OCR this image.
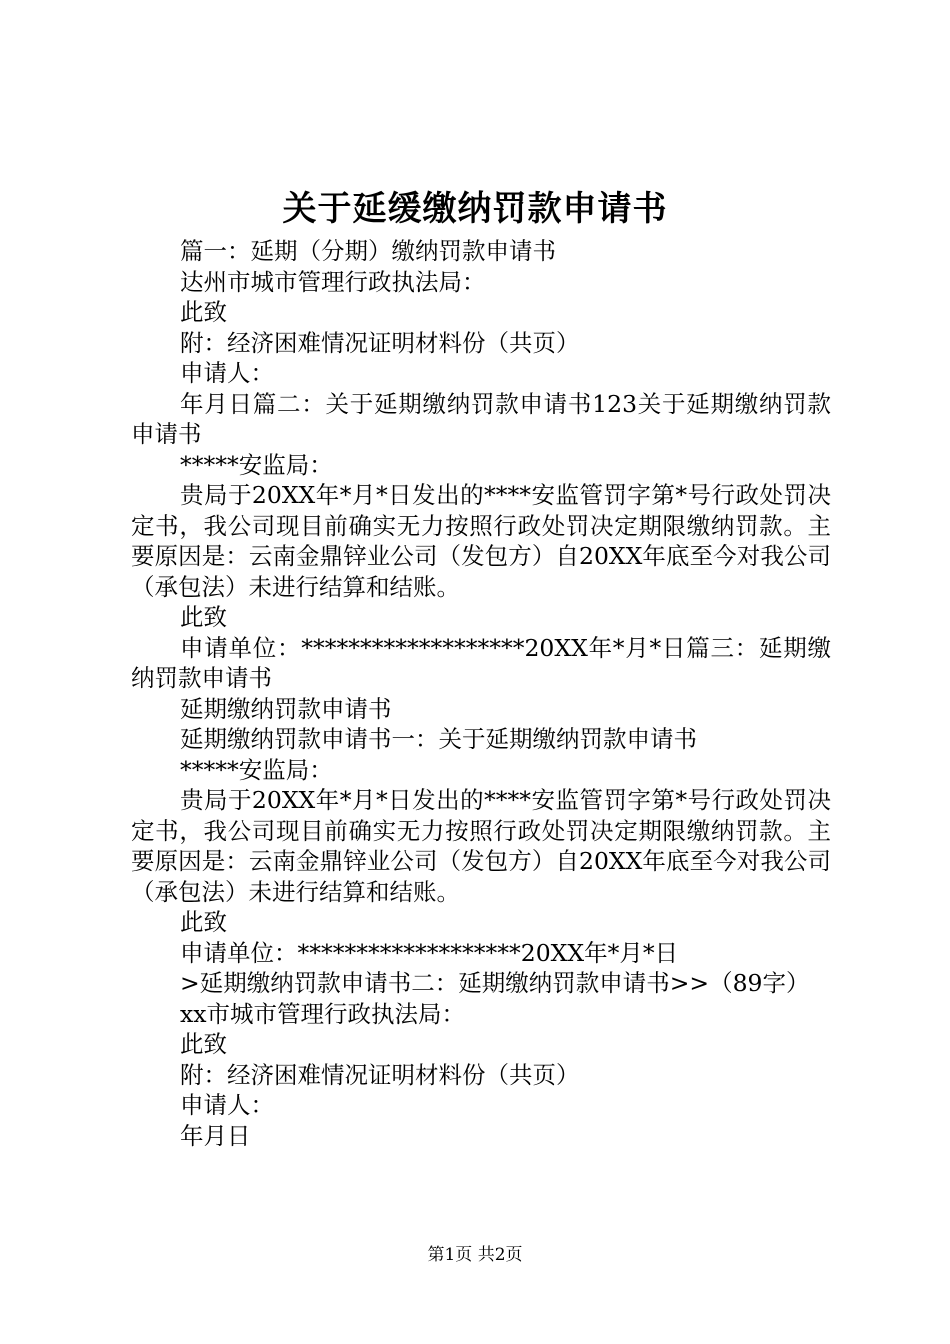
关于延缓缴纳罚款申请书

篇一：延期（分期）缴纳罚款申请书

达州市城市管理行政执法局：

此致

附：经济困难情况证明材料份（共页）

申请人：

年月日篇二：关于延期缴纳罚款申请书123关于延期缴纳罚款申请书

*****安监局：

贵局于20XX年*月*日发出的****安监管罚字第*号行政处罚决定书，我公司现目前确实无力按照行政处罚决定期限缴纳罚款。主要原因是：云南金鼎锌业公司（发包方）自20XX年底至今对我公司（承包法）未进行结算和结账。

此致

申请单位：*******************20XX年*月*日篇三：延期缴纳罚款申请书

延期缴纳罚款申请书

延期缴纳罚款申请书一：关于延期缴纳罚款申请书

*****安监局：

贵局于20XX年*月*日发出的****安监管罚字第*号行政处罚决定书，我公司现目前确实无力按照行政处罚决定期限缴纳罚款。主要原因是：云南金鼎锌业公司（发包方）自20XX年底至今对我公司（承包法）未进行结算和结账。

此致

申请单位：*******************20XX年*月*日

>延期缴纳罚款申请书二：延期缴纳罚款申请书>>（89字）

xx市城市管理行政执法局：

此致

附：经济困难情况证明材料份（共页）

申请人：

年月日

第1页 共2页
